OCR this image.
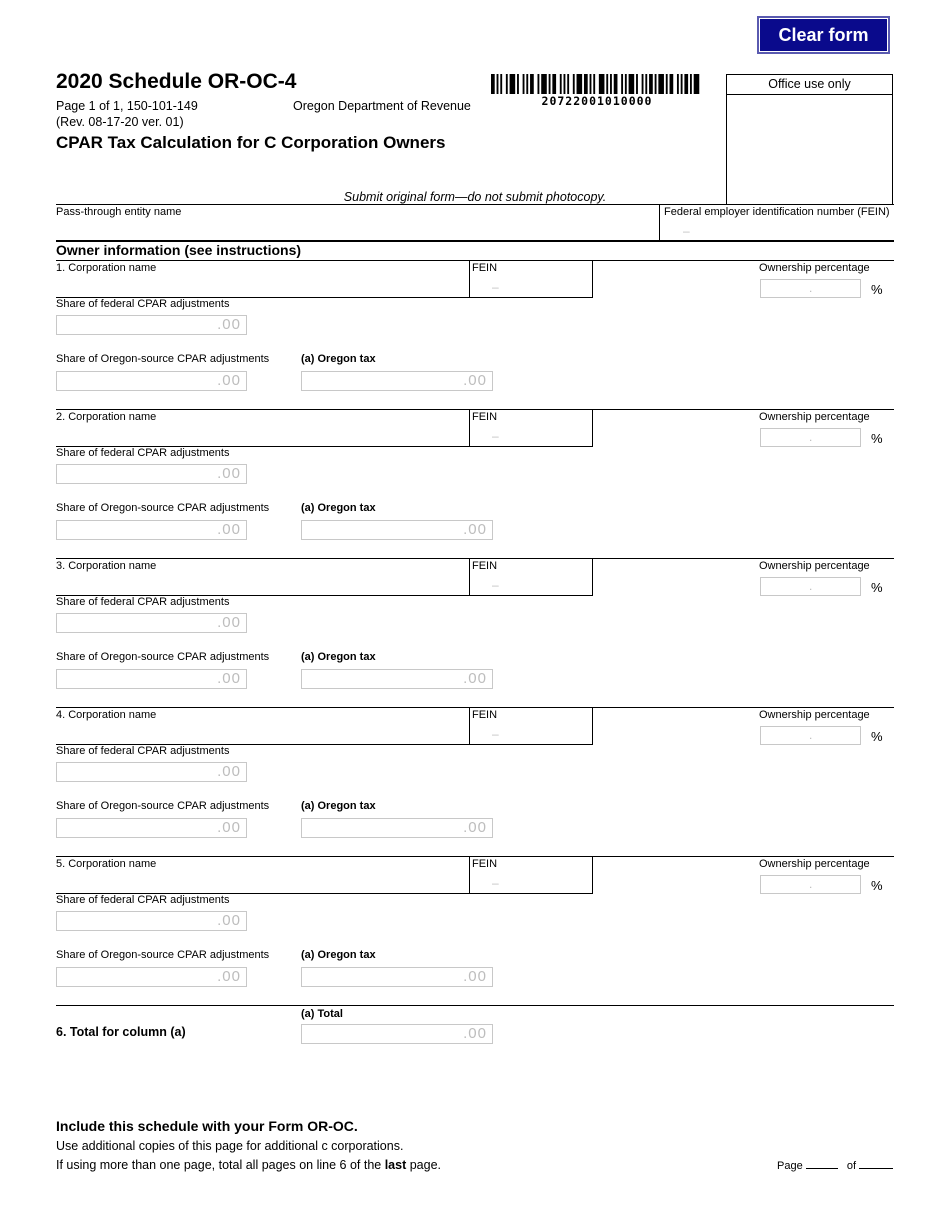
Clear form
2020 Schedule OR-OC-4
Page 1 of 1, 150-101-149
(Rev. 08-17-20 ver. 01)
Oregon Department of Revenue
CPAR Tax Calculation for C Corporation Owners
20722001010000
Office use only
Submit original form—do not submit photocopy.
Pass-through entity name	Federal employer identification number (FEIN)
–
Owner information (see instructions)
1. Corporation name	FEIN
–
Ownership percentage
.	%
Share of federal CPAR adjustments
.00
Share of Oregon-source CPAR adjustments
.00
(a) Oregon tax
.00
2. Corporation name	FEIN
–
Ownership percentage
.	%
Share of federal CPAR adjustments
.00
Share of Oregon-source CPAR adjustments
.00
(a) Oregon tax
.00
3. Corporation name	FEIN
–
Ownership percentage
.	%
Share of federal CPAR adjustments
.00
Share of Oregon-source CPAR adjustments
.00
(a) Oregon tax
.00
4. Corporation name	FEIN
–
Ownership percentage
.	%
Share of federal CPAR adjustments
.00
Share of Oregon-source CPAR adjustments
.00
(a) Oregon tax
.00
5. Corporation name	FEIN
–
Ownership percentage
.	%
Share of federal CPAR adjustments
.00
Share of Oregon-source CPAR adjustments
.00
(a) Oregon tax
.00
(a) Total
6. Total for column (a)	.00
Include this schedule with your Form OR-OC.
Use additional copies of this page for additional c corporations.
If using more than one page, total all pages on line 6 of the last page.	Page	of
